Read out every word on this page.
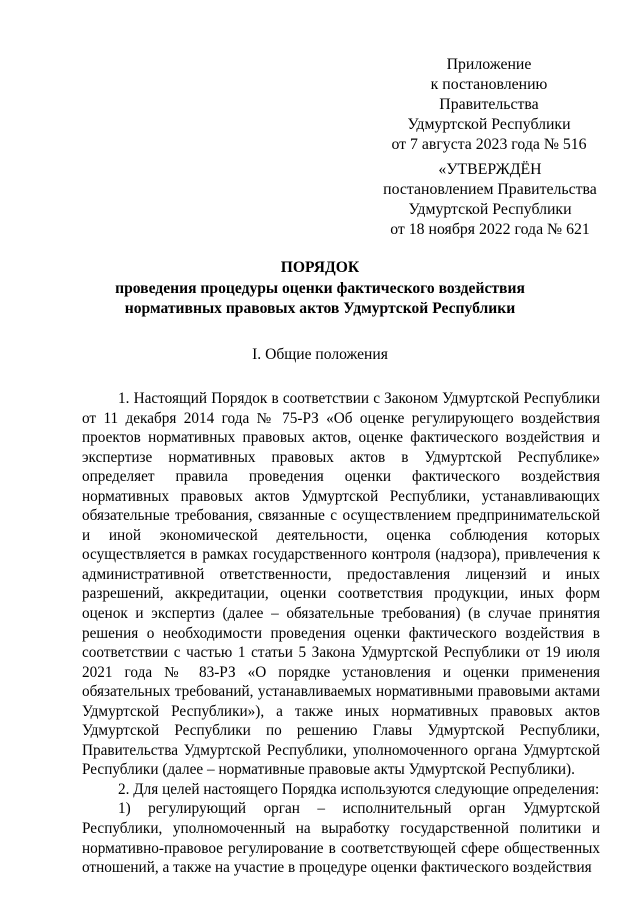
Приложение
к постановлению Правительства
Удмуртской Республики
от 7 августа 2023 года № 516
«УТВЕРЖДЁН
постановлением Правительства
Удмуртской Республики
от 18 ноября 2022 года № 621
ПОРЯДОК
проведения процедуры оценки фактического воздействия
нормативных правовых актов Удмуртской Республики
I. Общие положения

1. Настоящий Порядок в соответствии с Законом Удмуртской Республики от 11 декабря 2014 года № 75-РЗ «Об оценке регулирующего воздействия проектов нормативных правовых актов, оценке фактического воздействия и экспертизе нормативных правовых актов в Удмуртской Республике» определяет правила проведения оценки фактического воздействия нормативных правовых актов Удмуртской Республики, устанавливающих обязательные требования, связанные с осуществлением предпринимательской и иной экономической деятельности, оценка соблюдения которых осуществляется в рамках государственного контроля (надзора), привлечения к административной ответственности, предоставления лицензий и иных разрешений, аккредитации, оценки соответствия продукции, иных форм оценок и экспертиз (далее – обязательные требования) (в случае принятия решения о необходимости проведения оценки фактического воздействия в соответствии с частью 1 статьи 5 Закона Удмуртской Республики от 19 июля 2021 года № 83-РЗ «О порядке установления и оценки применения обязательных требований, устанавливаемых нормативными правовыми актами Удмуртской Республики»), а также иных нормативных правовых актов Удмуртской Республики по решению Главы Удмуртской Республики, Правительства Удмуртской Республики, уполномоченного органа Удмуртской Республики (далее – нормативные правовые акты Удмуртской Республики).

2. Для целей настоящего Порядка используются следующие определения:

1) регулирующий орган – исполнительный орган Удмуртской
Республики, уполномоченный на выработку государственной политики и нормативно-правовое регулирование в соответствующей сфере общественных отношений, а также на участие в процедуре оценки фактического воздействия
